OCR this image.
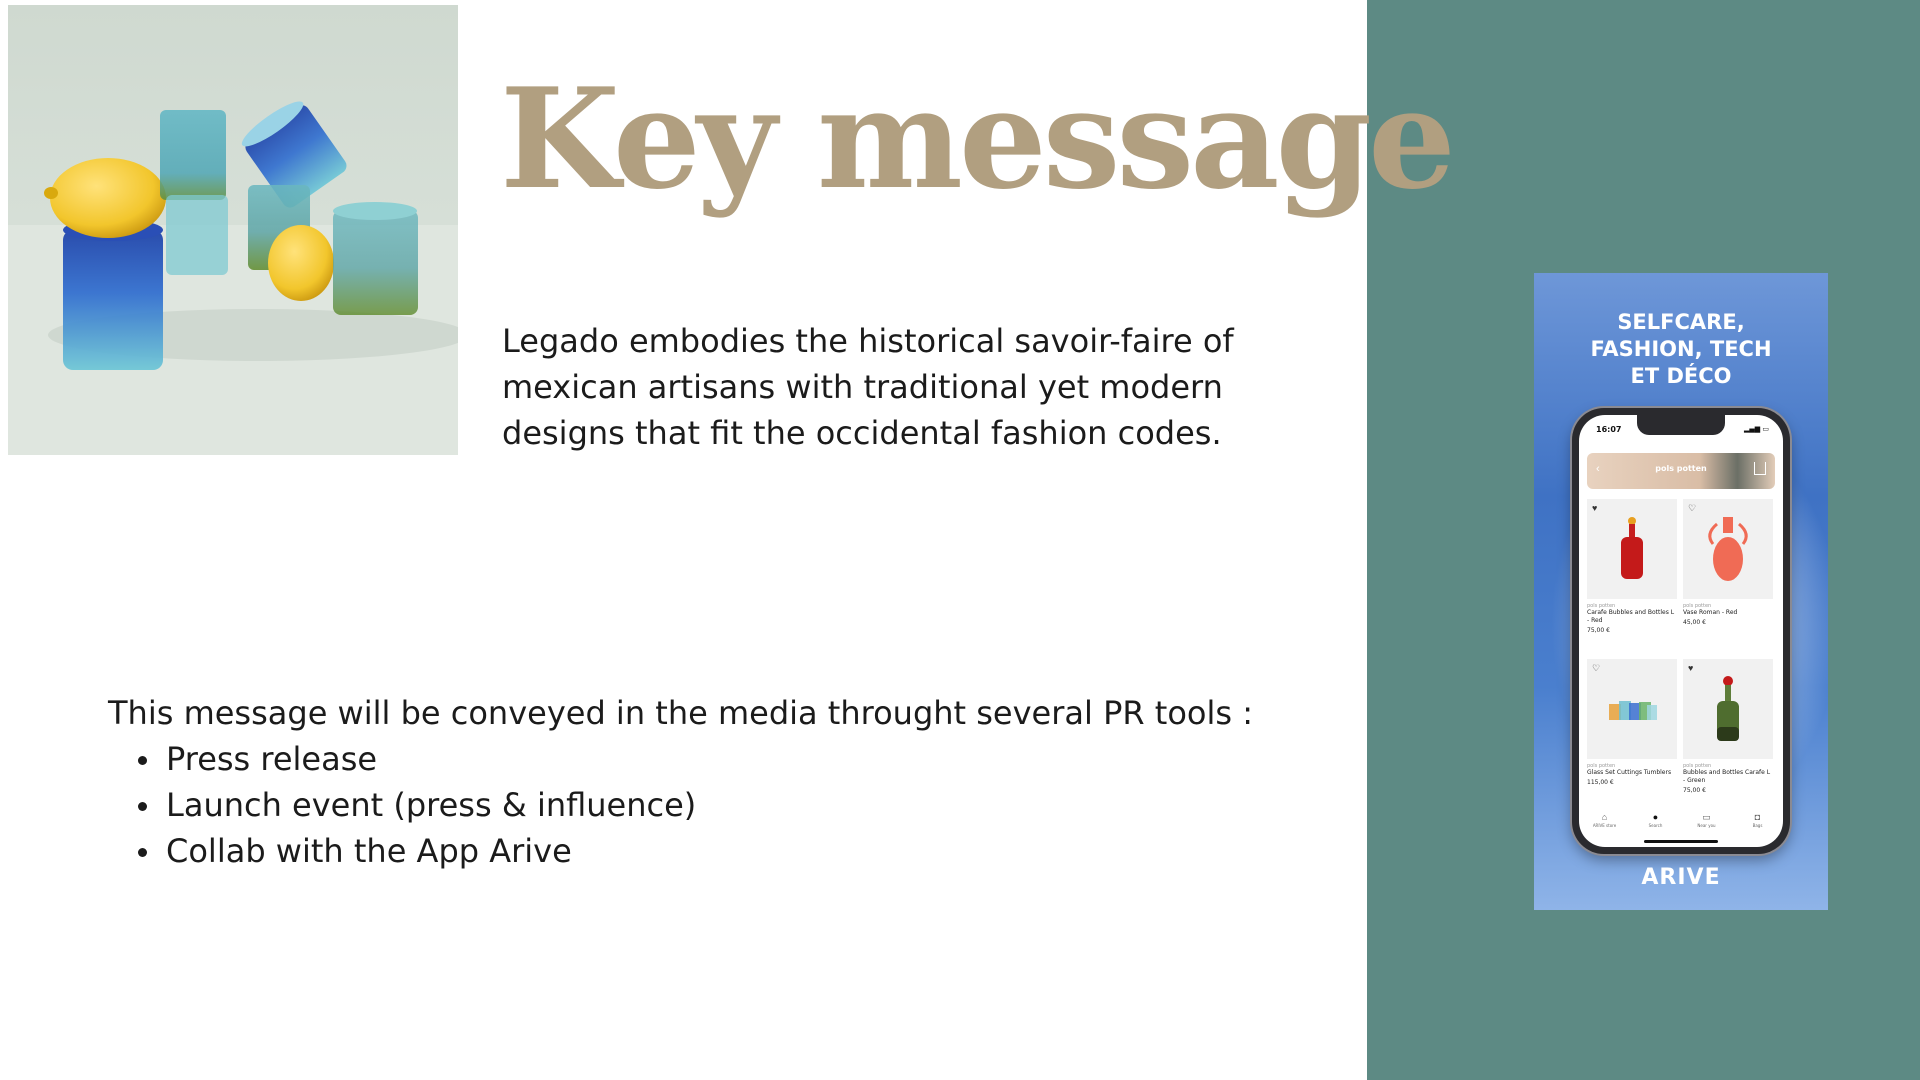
Key message

Legado embodies the historical savoir-faire of mexican artisans with traditional yet modern designs that fit the occidental fashion codes.

This message will be conveyed in the media throught several PR tools :

Press release
Launch event (press & influence)
Collab with the App Arive
SELFCARE,
FASHION, TECH
ET DÉCO
16:07	▂▄▆ ▭
‹	pols potten
♥
pols potten
Carafe Bubbles and Bottles L - Red
75,00 €
♡
pols potten
Vase Roman - Red
45,00 €
♡
pols potten
Glass Set Cuttings Tumblers
115,00 €
♥
pols potten
Bubbles and Bottles Carafe L - Green
75,00 €
⌂
ARIVE store
●
Search
▭
Near you
◘
Bags
ARIVE
